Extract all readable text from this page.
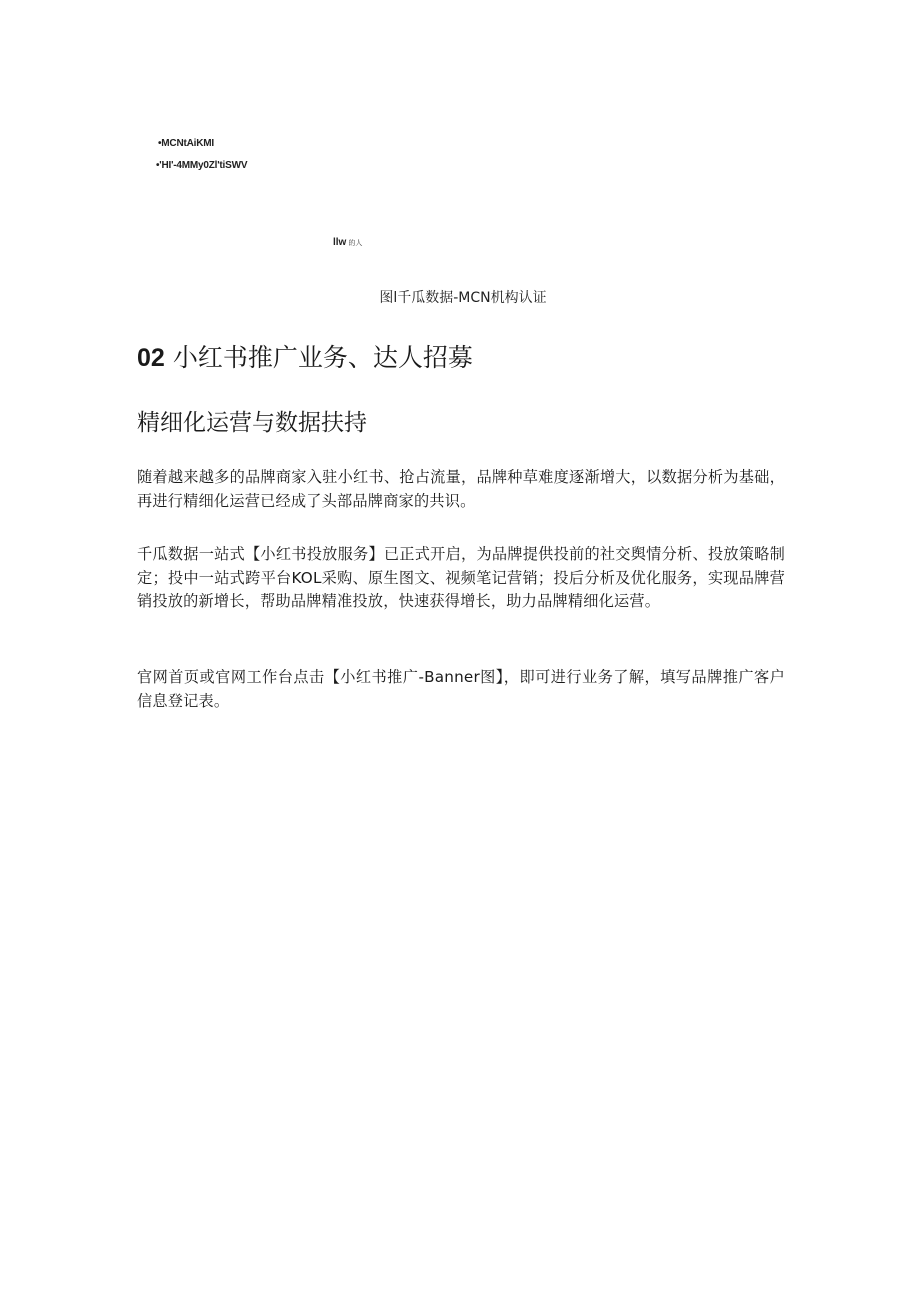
•MCNtAiKMI
•'HI'-4MMy0Zl'tiSWV
llw 的人
图l千瓜数据-MCN机构认证
02 小红书推广业务、达人招募
精细化运营与数据扶持

随着越来越多的品牌商家入驻小红书、抢占流量，品牌种草难度逐渐增大，以数据分析为基础，再进行精细化运营已经成了头部品牌商家的共识。

千瓜数据一站式【小红书投放服务】已正式开启，为品牌提供投前的社交舆情分析、投放策略制定；投中一站式跨平台KOL采购、原生图文、视频笔记营销；投后分析及优化服务，实现品牌营销投放的新增长，帮助品牌精准投放，快速获得增长，助力品牌精细化运营。

官网首页或官网工作台点击【小红书推广-Banner图】，即可进行业务了解，填写品牌推广客户信息登记表。
